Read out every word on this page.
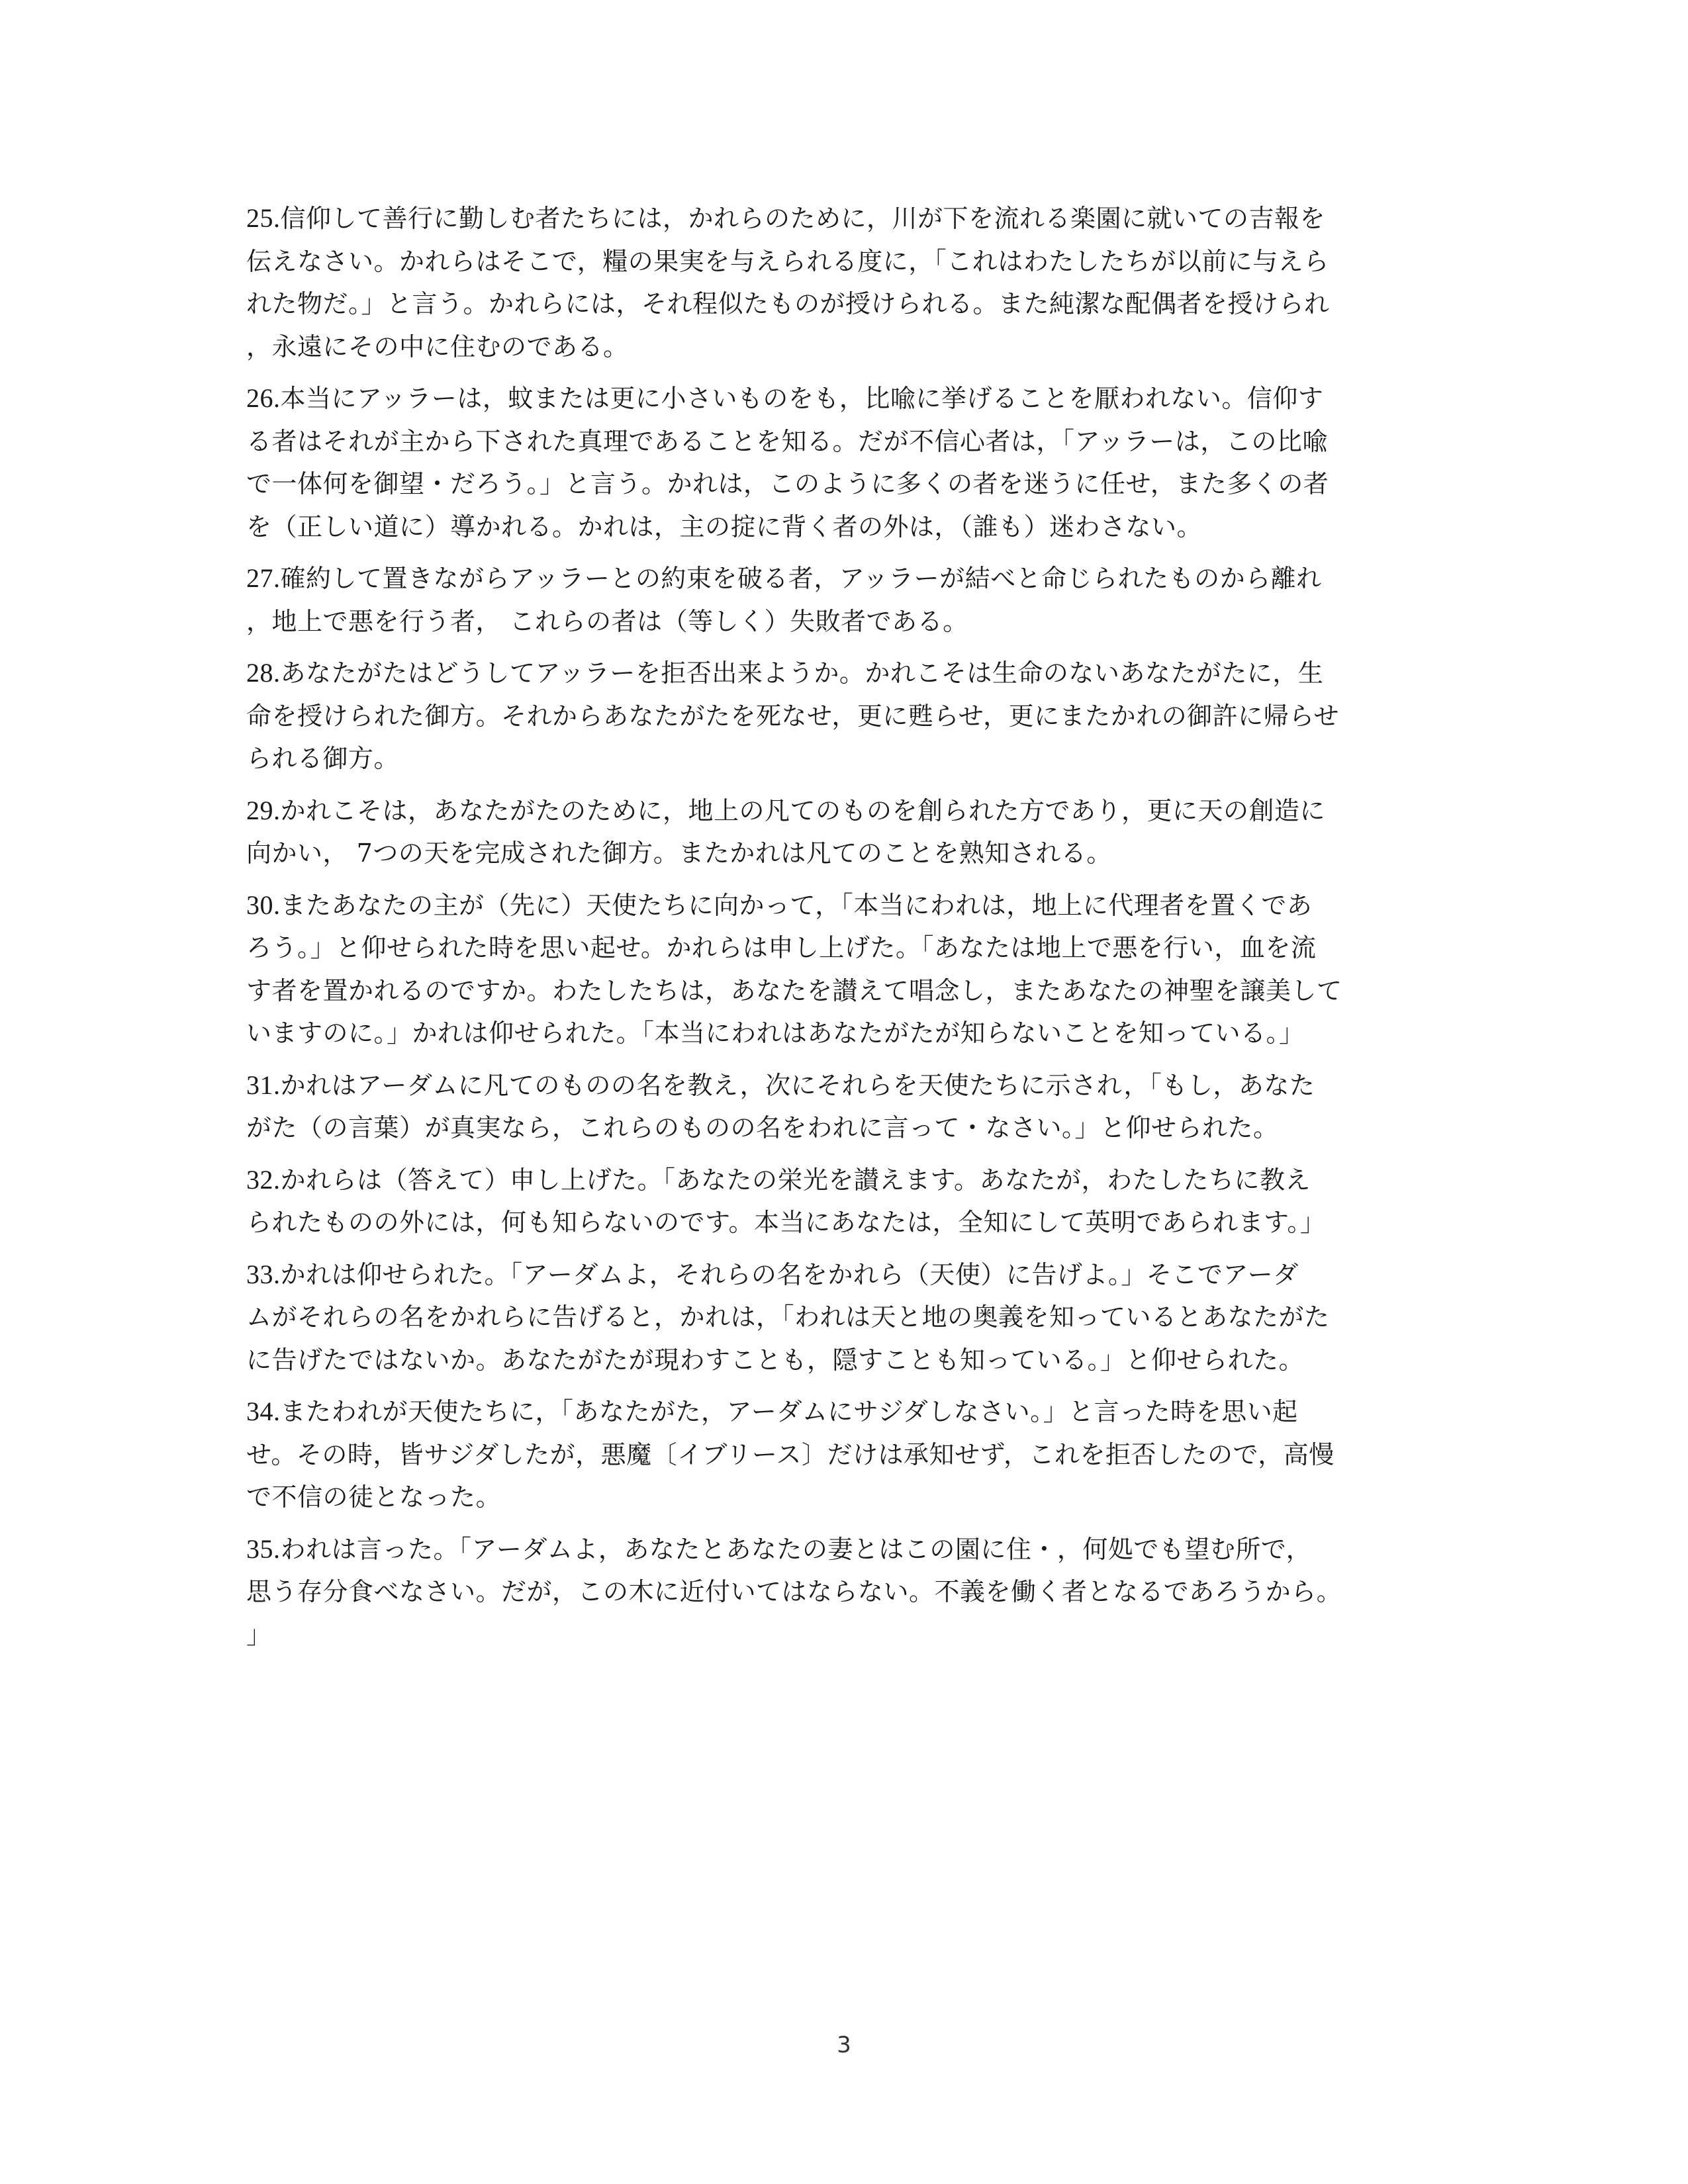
25.信仰して善行に勤しむ者たちには，かれらのために，川が下を流れる楽園に就いての吉報を
伝えなさい。かれらはそこで，糧の果実を与えられる度に，「これはわたしたちが以前に与えら
れた物だ。」と言う。かれらには，それ程似たものが授けられる。また純潔な配偶者を授けられ
，永遠にその中に住むのである。

26.本当にアッラーは，蚊または更に小さいものをも，比喩に挙げることを厭われない。信仰す
る者はそれが主から下された真理であることを知る。だが不信心者は，「アッラーは，この比喩
で一体何を御望・だろう。」と言う。かれは，このように多くの者を迷うに任せ，また多くの者
を（正しい道に）導かれる。かれは，主の掟に背く者の外は，（誰も）迷わさない。

27.確約して置きながらアッラーとの約束を破る者，アッラーが結べと命じられたものから離れ
，地上で悪を行う者， これらの者は（等しく）失敗者である。

28.あなたがたはどうしてアッラーを拒否出来ようか。かれこそは生命のないあなたがたに，生
命を授けられた御方。それからあなたがたを死なせ，更に甦らせ，更にまたかれの御許に帰らせ
られる御方。

29.かれこそは，あなたがたのために，地上の凡てのものを創られた方であり，更に天の創造に
向かい， 7つの天を完成された御方。またかれは凡てのことを熟知される。

30.またあなたの主が（先に）天使たちに向かって，「本当にわれは，地上に代理者を置くであ
ろう。」と仰せられた時を思い起せ。かれらは申し上げた。「あなたは地上で悪を行い，血を流
す者を置かれるのですか。わたしたちは，あなたを讃えて唱念し，またあなたの神聖を譲美して
いますのに。」かれは仰せられた。「本当にわれはあなたがたが知らないことを知っている。」

31.かれはアーダムに凡てのものの名を教え，次にそれらを天使たちに示され，「もし，あなた
がた（の言葉）が真実なら，これらのものの名をわれに言って・なさい。」と仰せられた。

32.かれらは（答えて）申し上げた。「あなたの栄光を讃えます。あなたが，わたしたちに教え
られたものの外には，何も知らないのです。本当にあなたは，全知にして英明であられます。」

33.かれは仰せられた。「アーダムよ，それらの名をかれら（天使）に告げよ。」そこでアーダ
ムがそれらの名をかれらに告げると，かれは，「われは天と地の奥義を知っているとあなたがた
に告げたではないか。あなたがたが現わすことも，隠すことも知っている。」と仰せられた。

34.またわれが天使たちに，「あなたがた，アーダムにサジダしなさい。」と言った時を思い起
せ。その時，皆サジダしたが，悪魔〔イブリース〕だけは承知せず，これを拒否したので，高慢
で不信の徒となった。

35.われは言った。「アーダムよ，あなたとあなたの妻とはこの園に住・，何処でも望む所で，
思う存分食べなさい。だが，この木に近付いてはならない。不義を働く者となるであろうから。
」

3
